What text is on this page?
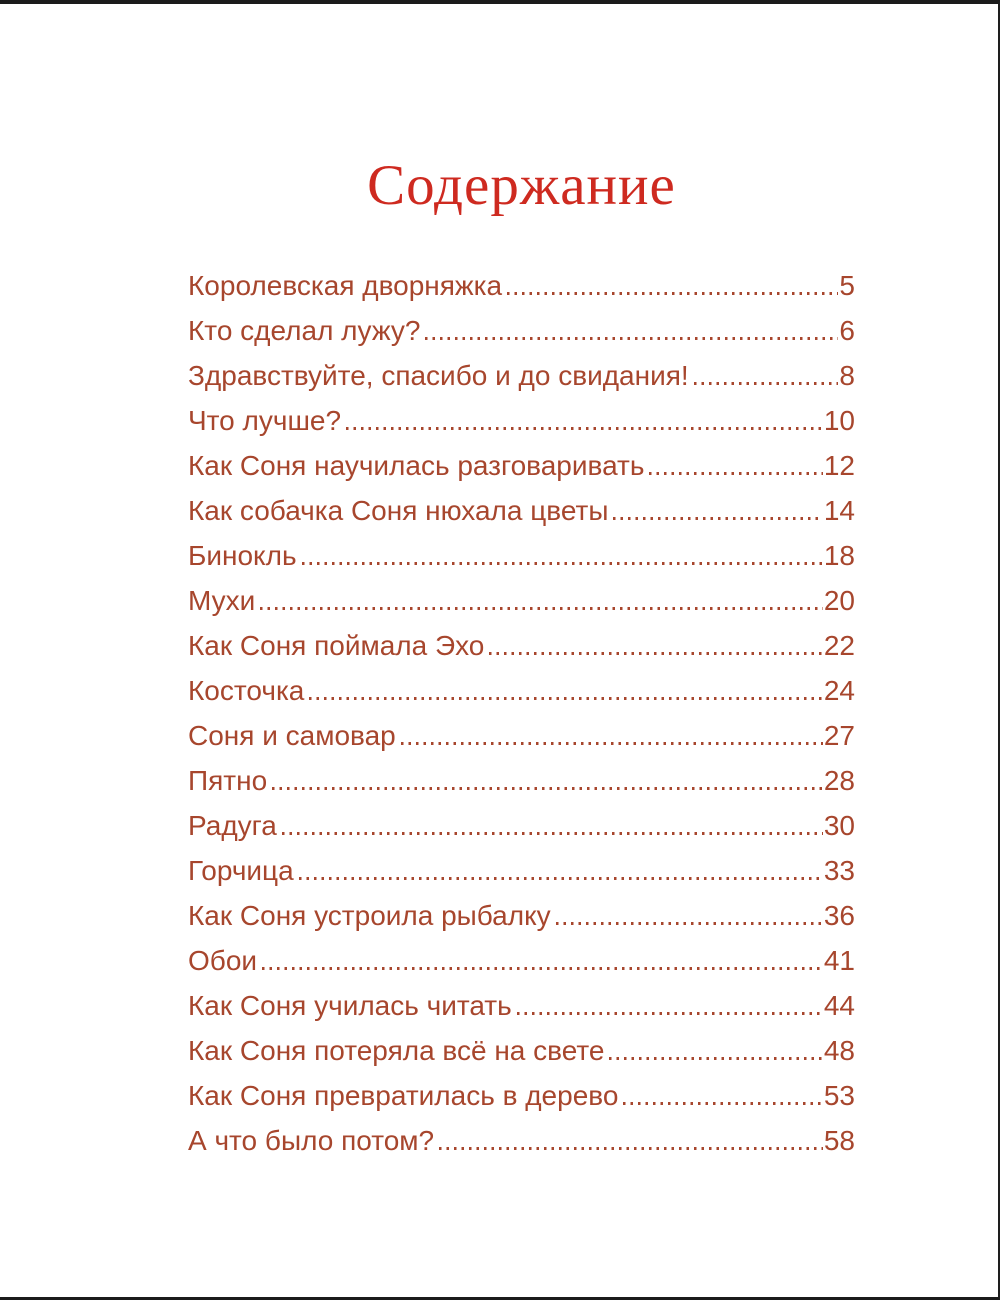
Содержание
Королевская дворняжка	5
Кто сделал лужу?	6
Здравствуйте, спасибо и до свидания!	8
Что лучше?	10
Как Соня научилась разговаривать	12
Как собачка Соня нюхала цветы	14
Бинокль	18
Мухи	20
Как Соня поймала Эхо	22
Косточка	24
Соня и самовар	27
Пятно	28
Радуга	30
Горчица	33
Как Соня устроила рыбалку	36
Обои	41
Как Соня училась читать	44
Как Соня потеряла всё на свете	48
Как Соня превратилась в дерево	53
А что было потом?	58
